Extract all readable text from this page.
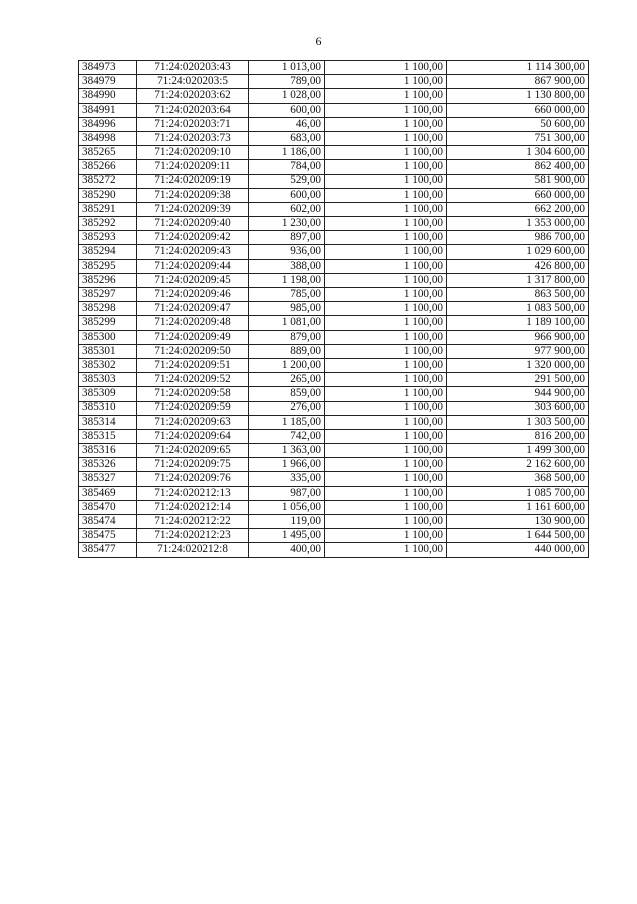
6
384973	71:24:020203:43	1 013,00	1 100,00	1 114 300,00
384979	71:24:020203:5	789,00	1 100,00	867 900,00
384990	71:24:020203:62	1 028,00	1 100,00	1 130 800,00
384991	71:24:020203:64	600,00	1 100,00	660 000,00
384996	71:24:020203:71	46,00	1 100,00	50 600,00
384998	71:24:020203:73	683,00	1 100,00	751 300,00
385265	71:24:020209:10	1 186,00	1 100,00	1 304 600,00
385266	71:24:020209:11	784,00	1 100,00	862 400,00
385272	71:24:020209:19	529,00	1 100,00	581 900,00
385290	71:24:020209:38	600,00	1 100,00	660 000,00
385291	71:24:020209:39	602,00	1 100,00	662 200,00
385292	71:24:020209:40	1 230,00	1 100,00	1 353 000,00
385293	71:24:020209:42	897,00	1 100,00	986 700,00
385294	71:24:020209:43	936,00	1 100,00	1 029 600,00
385295	71:24:020209:44	388,00	1 100,00	426 800,00
385296	71:24:020209:45	1 198,00	1 100,00	1 317 800,00
385297	71:24:020209:46	785,00	1 100,00	863 500,00
385298	71:24:020209:47	985,00	1 100,00	1 083 500,00
385299	71:24:020209:48	1 081,00	1 100,00	1 189 100,00
385300	71:24:020209:49	879,00	1 100,00	966 900,00
385301	71:24:020209:50	889,00	1 100,00	977 900,00
385302	71:24:020209:51	1 200,00	1 100,00	1 320 000,00
385303	71:24:020209:52	265,00	1 100,00	291 500,00
385309	71:24:020209:58	859,00	1 100,00	944 900,00
385310	71:24:020209:59	276,00	1 100,00	303 600,00
385314	71:24:020209:63	1 185,00	1 100,00	1 303 500,00
385315	71:24:020209:64	742,00	1 100,00	816 200,00
385316	71:24:020209:65	1 363,00	1 100,00	1 499 300,00
385326	71:24:020209:75	1 966,00	1 100,00	2 162 600,00
385327	71:24:020209:76	335,00	1 100,00	368 500,00
385469	71:24:020212:13	987,00	1 100,00	1 085 700,00
385470	71:24:020212:14	1 056,00	1 100,00	1 161 600,00
385474	71:24:020212:22	119,00	1 100,00	130 900,00
385475	71:24:020212:23	1 495,00	1 100,00	1 644 500,00
385477	71:24:020212:8	400,00	1 100,00	440 000,00
